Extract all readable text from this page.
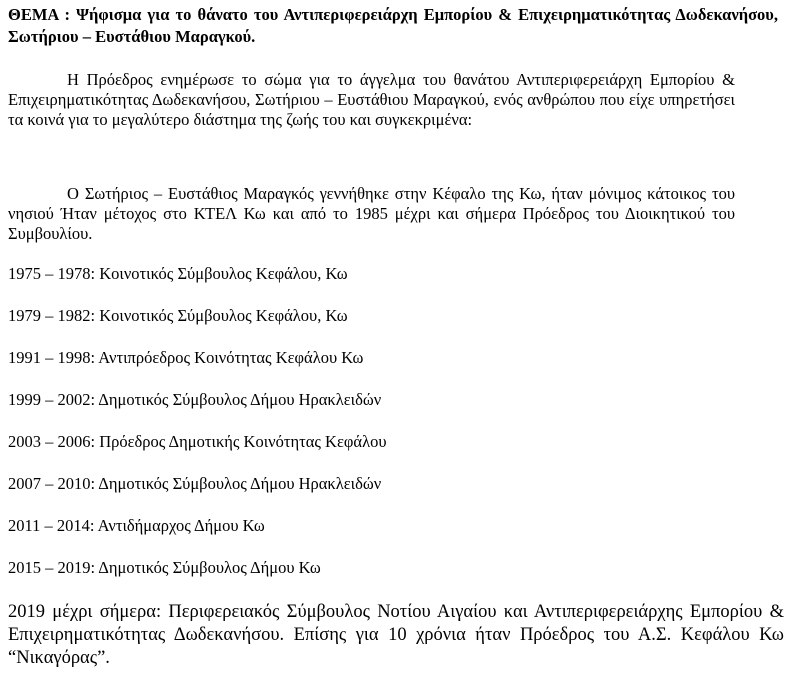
ΘΕΜΑ : Ψήφισμα για το θάνατο του Αντιπεριφερειάρχη Εμπορίου & Επιχειρηματικότητας Δωδεκανήσου, Σωτήριου – Ευστάθιου Μαραγκού.
Η Πρόεδρος ενημέρωσε το σώμα για το άγγελμα του θανάτου Αντιπεριφερειάρχη Εμπορίου & Επιχειρηματικότητας Δωδεκανήσου, Σωτήριου – Ευστάθιου Μαραγκού, ενός ανθρώπου που είχε υπηρετήσει τα κοινά για το μεγαλύτερο διάστημα της ζωής του και συγκεκριμένα:
Ο Σωτήριος – Ευστάθιος Μαραγκός γεννήθηκε στην Κέφαλο της Κω, ήταν μόνιμος κάτοικος του νησιού Ήταν μέτοχος στο ΚΤΕΛ Κω και από το 1985 μέχρι και σήμερα Πρόεδρος του Διοικητικού του Συμβουλίου.
1975 – 1978: Κοινοτικός Σύμβουλος Κεφάλου, Κω
1979 – 1982: Κοινοτικός Σύμβουλος Κεφάλου, Κω
1991 – 1998: Αντιπρόεδρος Κοινότητας Κεφάλου Κω
1999 – 2002: Δημοτικός Σύμβουλος Δήμου Ηρακλειδών
2003 – 2006: Πρόεδρος Δημοτικής Κοινότητας Κεφάλου
2007 – 2010: Δημοτικός Σύμβουλος Δήμου Ηρακλειδών
2011 – 2014: Αντιδήμαρχος Δήμου Κω
2015 – 2019: Δημοτικός Σύμβουλος Δήμου Κω
2019 μέχρι σήμερα: Περιφερειακός Σύμβουλος Νοτίου Αιγαίου και Αντιπεριφερειάρχης Εμπορίου & Επιχειρηματικότητας Δωδεκανήσου. Επίσης για 10 χρόνια ήταν Πρόεδρος του Α.Σ. Κεφάλου Κω “Νικαγόρας”.
